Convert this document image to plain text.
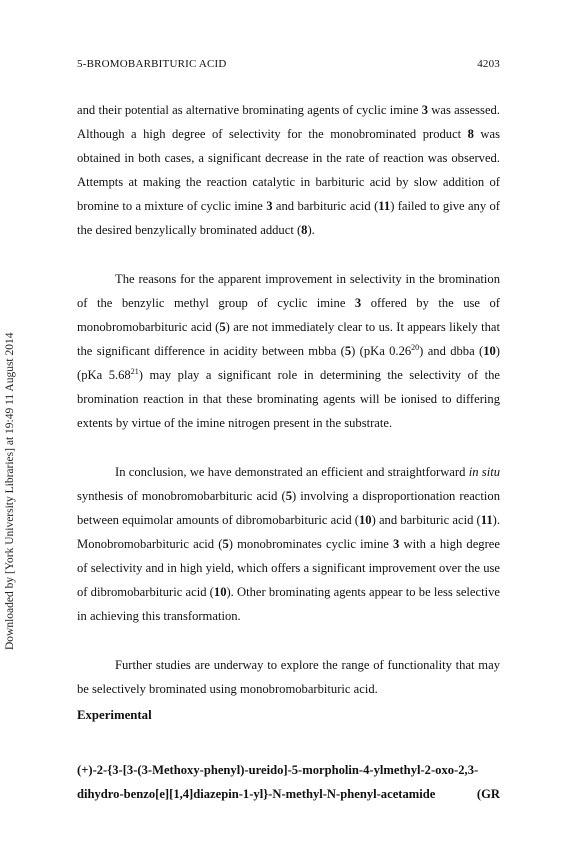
5-BROMOBARBITURIC ACID	4203
Downloaded by [York University Libraries] at 19:49 11 August 2014

and their potential as alternative brominating agents of cyclic imine 3 was assessed. Although a high degree of selectivity for the monobrominated product 8 was obtained in both cases, a significant decrease in the rate of reaction was observed. Attempts at making the reaction catalytic in barbituric acid by slow addition of bromine to a mixture of cyclic imine 3 and barbituric acid (11) failed to give any of the desired benzylically brominated adduct (8).

The reasons for the apparent improvement in selectivity in the bromination of the benzylic methyl group of cyclic imine 3 offered by the use of monobromobarbituric acid (5) are not immediately clear to us. It appears likely that the significant difference in acidity between mbba (5) (pKa 0.26$^{20}$) and dbba (10) (pKa 5.68$^{21}$) may play a significant role in determining the selectivity of the bromination reaction in that these brominating agents will be ionised to differing extents by virtue of the imine nitrogen present in the substrate.

In conclusion, we have demonstrated an efficient and straightforward in situ synthesis of monobromobarbituric acid (5) involving a disproportionation reaction between equimolar amounts of dibromobarbituric acid (10) and barbituric acid (11). Monobromobarbituric acid (5) monobrominates cyclic imine 3 with a high degree of selectivity and in high yield, which offers a significant improvement over the use of dibromobarbituric acid (10). Other brominating agents appear to be less selective in achieving this transformation.

Further studies are underway to explore the range of functionality that may be selectively brominated using monobromobarbituric acid.

Experimental
(+)-2-{3-[3-(3-Methoxy-phenyl)-ureido]-5-morpholin-4-ylmethyl-2-oxo-2,3-
dihydro-benzo[e][1,4]diazepin-1-yl}-N-methyl-N-phenyl-acetamide	(GR
